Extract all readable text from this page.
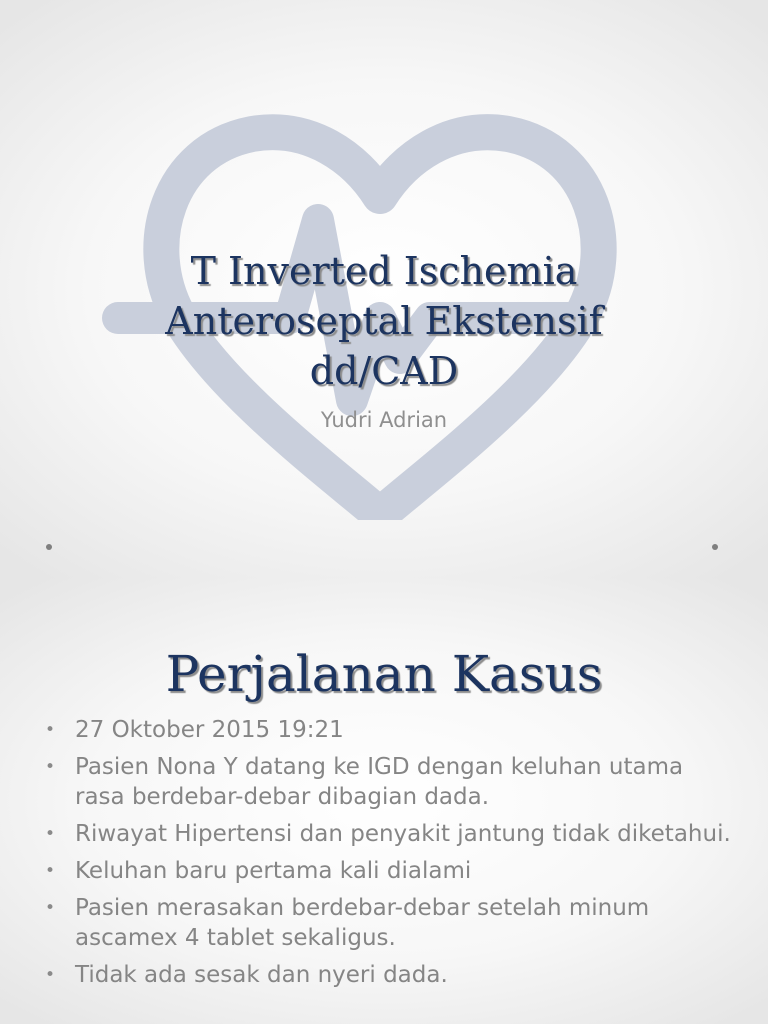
T Inverted Ischemia
Anteroseptal Ekstensif
dd/CAD
Yudri Adrian
Perjalanan Kasus
• 27 Oktober 2015 19:21
• Pasien Nona Y datang ke IGD dengan keluhan utama rasa berdebar-debar dibagian dada.
• Riwayat Hipertensi dan penyakit jantung tidak diketahui.
• Keluhan baru pertama kali dialami
• Pasien merasakan berdebar-debar setelah minum ascamex 4 tablet sekaligus.
• Tidak ada sesak dan nyeri dada.
